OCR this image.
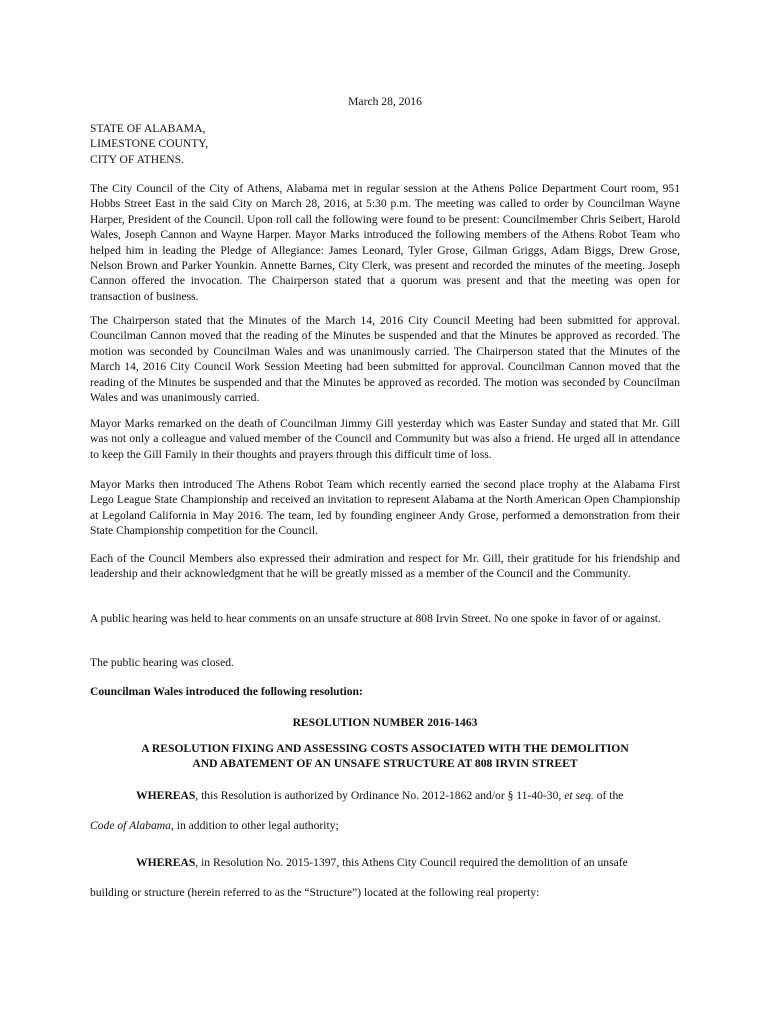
March 28, 2016

STATE OF ALABAMA,
LIMESTONE COUNTY,
CITY OF ATHENS.

The City Council of the City of Athens, Alabama met in regular session at the Athens Police Department Court room, 951 Hobbs Street East in the said City on March 28, 2016, at 5:30 p.m. The meeting was called to order by Councilman Wayne Harper, President of the Council. Upon roll call the following were found to be present: Councilmember Chris Seibert, Harold Wales, Joseph Cannon and Wayne Harper. Mayor Marks introduced the following members of the Athens Robot Team who helped him in leading the Pledge of Allegiance: James Leonard, Tyler Grose, Gilman Griggs, Adam Biggs, Drew Grose, Nelson Brown and Parker Younkin. Annette Barnes, City Clerk, was present and recorded the minutes of the meeting. Joseph Cannon offered the invocation. The Chairperson stated that a quorum was present and that the meeting was open for transaction of business.

The Chairperson stated that the Minutes of the March 14, 2016 City Council Meeting had been submitted for approval. Councilman Cannon moved that the reading of the Minutes be suspended and that the Minutes be approved as recorded. The motion was seconded by Councilman Wales and was unanimously carried. The Chairperson stated that the Minutes of the March 14, 2016 City Council Work Session Meeting had been submitted for approval. Councilman Cannon moved that the reading of the Minutes be suspended and that the Minutes be approved as recorded. The motion was seconded by Councilman Wales and was unanimously carried.

Mayor Marks remarked on the death of Councilman Jimmy Gill yesterday which was Easter Sunday and stated that Mr. Gill was not only a colleague and valued member of the Council and Community but was also a friend. He urged all in attendance to keep the Gill Family in their thoughts and prayers through this difficult time of loss.

Mayor Marks then introduced The Athens Robot Team which recently earned the second place trophy at the Alabama First Lego League State Championship and received an invitation to represent Alabama at the North American Open Championship at Legoland California in May 2016. The team, led by founding engineer Andy Grose, performed a demonstration from their State Championship competition for the Council.

Each of the Council Members also expressed their admiration and respect for Mr. Gill, their gratitude for his friendship and leadership and their acknowledgment that he will be greatly missed as a member of the Council and the Community.

A public hearing was held to hear comments on an unsafe structure at 808 Irvin Street. No one spoke in favor of or against.

The public hearing was closed.

Councilman Wales introduced the following resolution:

RESOLUTION NUMBER 2016-1463

A RESOLUTION FIXING AND ASSESSING COSTS ASSOCIATED WITH THE DEMOLITION
AND ABATEMENT OF AN UNSAFE STRUCTURE AT 808 IRVIN STREET
WHEREAS, this Resolution is authorized by Ordinance No. 2012-1862 and/or § 11-40-30, et seq. of the
Code of Alabama, in addition to other legal authority;
WHEREAS, in Resolution No. 2015-1397, this Athens City Council required the demolition of an unsafe
building or structure (herein referred to as the “Structure”) located at the following real property:
